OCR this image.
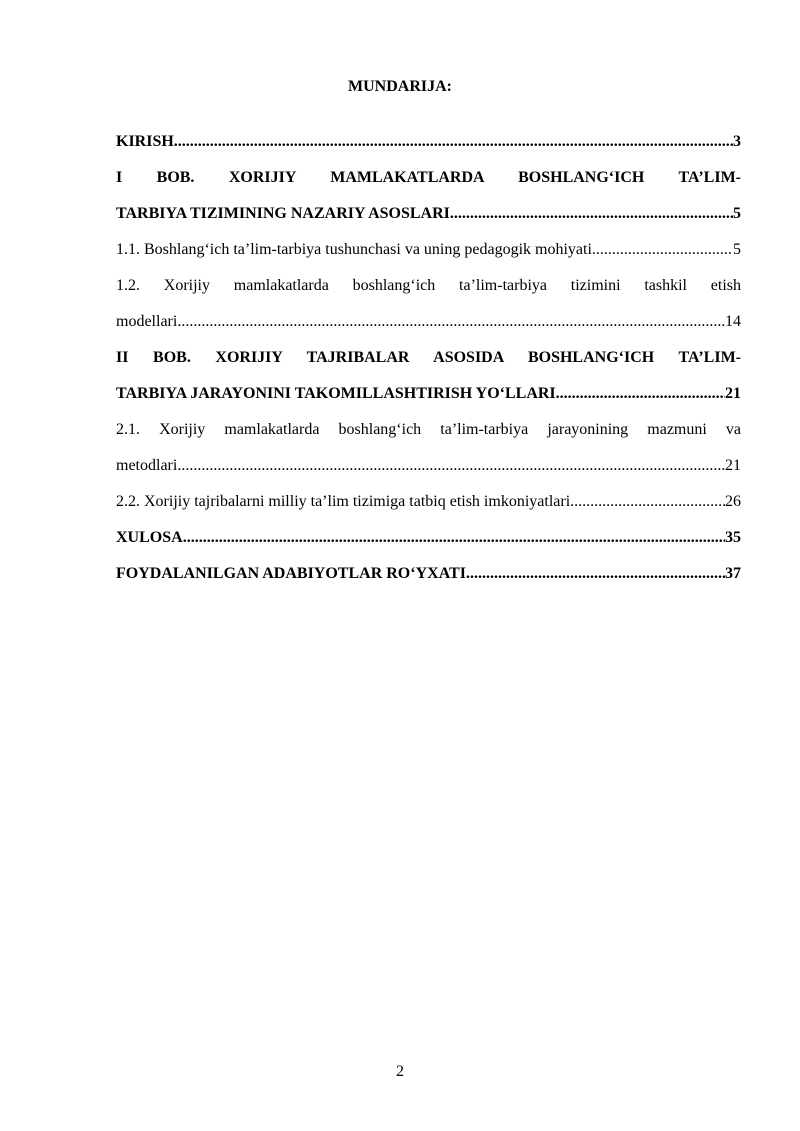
MUNDARIJA:
KIRISH .....	3
I BOB. XORIJIY MAMLAKATLARDA BOSHLANG‘ICH TA’LIM-
TARBIYA TIZIMINING NAZARIY ASOSLARI .....	5
1.1. Boshlang‘ich ta’lim-tarbiya tushunchasi va uning pedagogik mohiyati .....	5
1.2. Xorijiy mamlakatlarda boshlang‘ich ta’lim-tarbiya tizimini tashkil etish
modellari .....	14
II BOB. XORIJIY TAJRIBALAR ASOSIDA BOSHLANG‘ICH TA’LIM-
TARBIYA JARAYONINI TAKOMILLASHTIRISH YO‘LLARI .....	21
2.1. Xorijiy mamlakatlarda boshlang‘ich ta’lim-tarbiya jarayonining mazmuni va
metodlari .....	21
2.2. Xorijiy tajribalarni milliy ta’lim tizimiga tatbiq etish imkoniyatlari .....	26
XULOSA .....	35
FOYDALANILGAN ADABIYOTLAR RO‘YXATI .....	37
2
